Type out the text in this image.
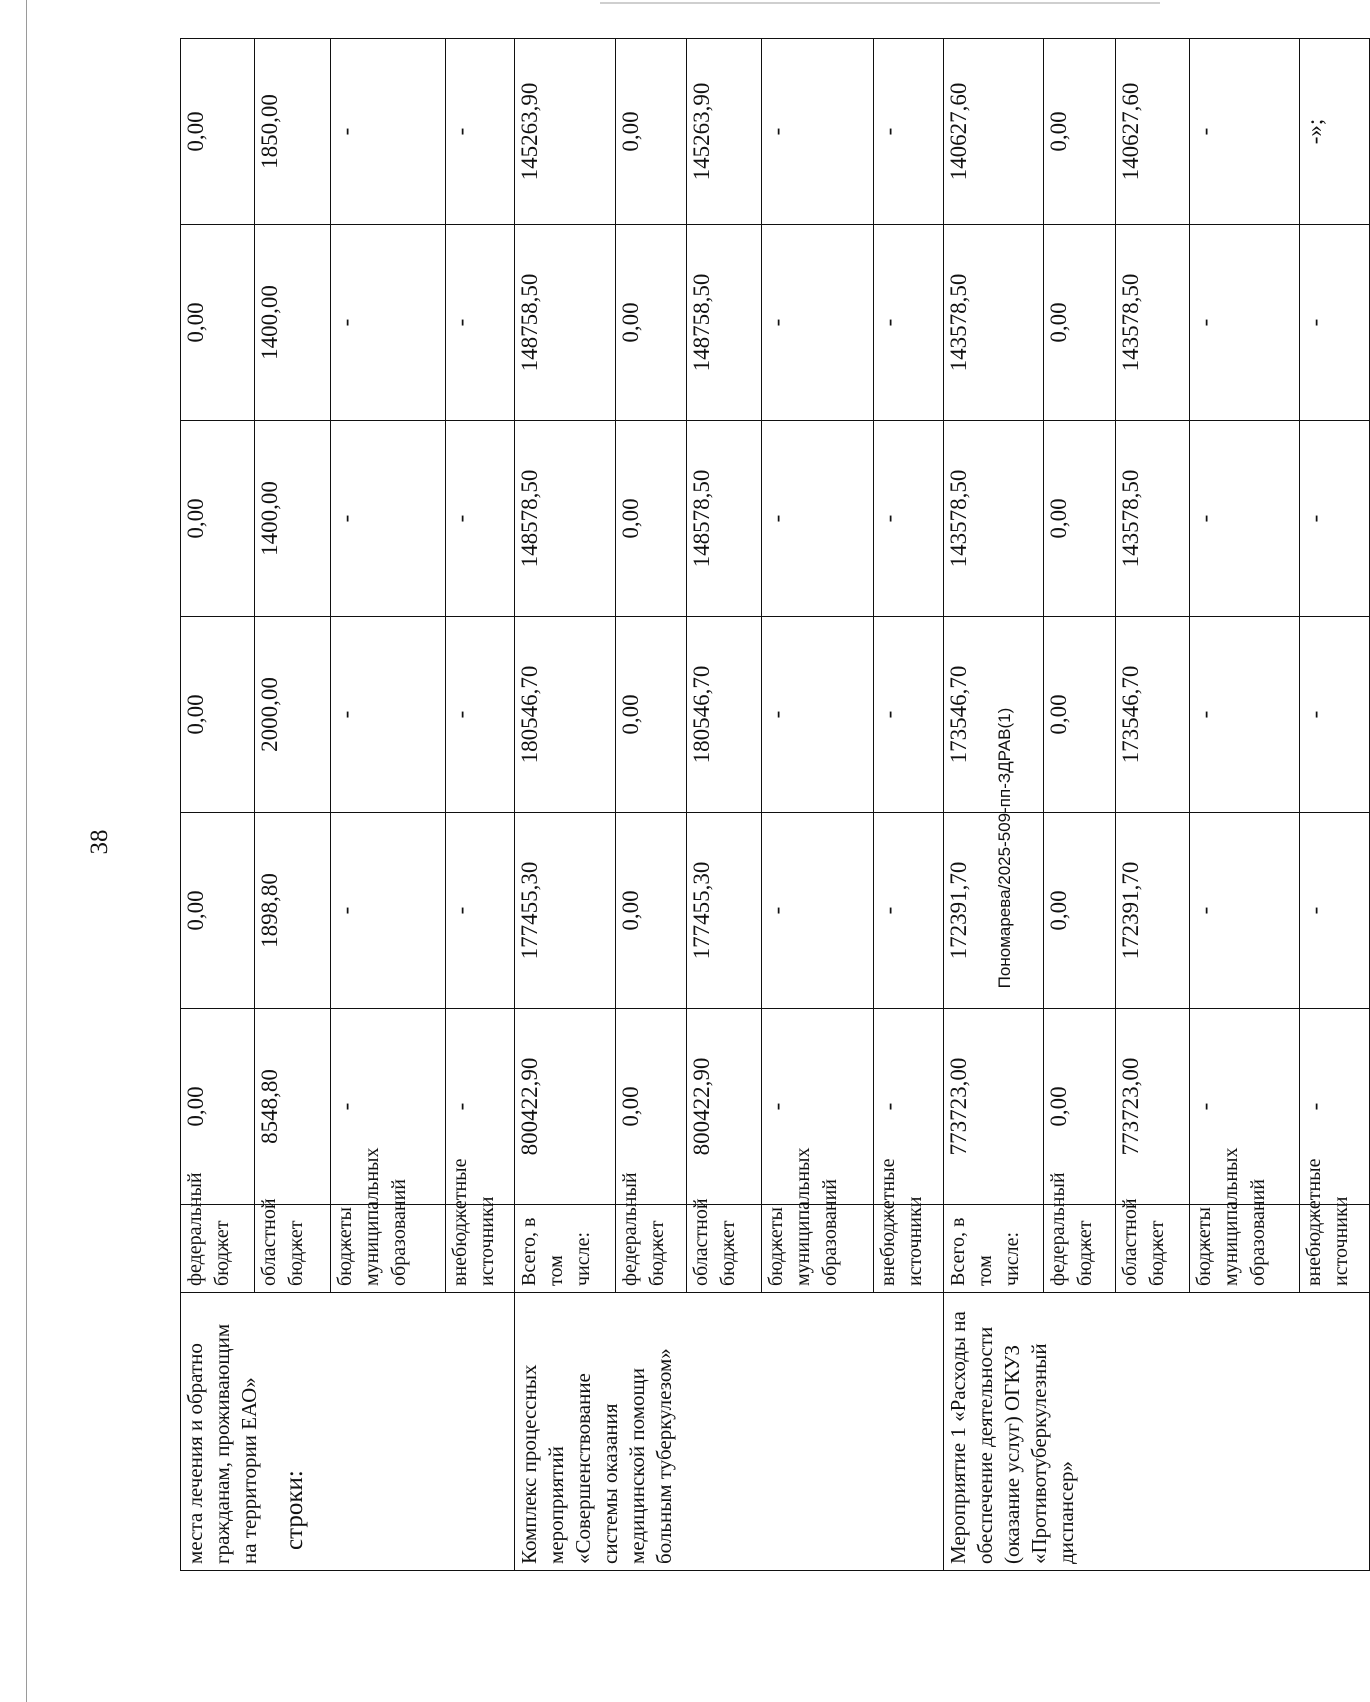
38
места лечения и обратно гражданам, проживающим на территории ЕАО»	федеральный бюджет	0,00	0,00	0,00	0,00	0,00	0,00
	областной бюджет	8548,80	1898,80	2000,00	1400,00	1400,00	1850,00
	бюджеты муниципальных образований	-	-	-	-	-	-
	внебюджетные источники	-	-	-	-	-	-
Комплекс процессных мероприятий «Совершенствование системы оказания медицинской помощи больным туберкулезом»	Всего, в том числе:	800422,90	177455,30	180546,70	148578,50	148758,50	145263,90
	федеральный бюджет	0,00	0,00	0,00	0,00	0,00	0,00
	областной бюджет	800422,90	177455,30	180546,70	148578,50	148758,50	145263,90
	бюджеты муниципальных образований	-	-	-	-	-	-
	внебюджетные источники	-	-	-	-	-	-
Мероприятие 1 «Расходы на обеспечение деятельности (оказание услуг) ОГКУЗ «Противотуберкулезный диспансер»	Всего, в том числе:	773723,00	172391,70	173546,70	143578,50	143578,50	140627,60
	федеральный бюджет	0,00	0,00	0,00	0,00	0,00	0,00
	областной бюджет	773723,00	172391,70	173546,70	143578,50	143578,50	140627,60
	бюджеты муниципальных образований	-	-	-	-	-	-
	внебюджетные источники	-	-	-	-	-	-»;
строки:
Пономарева/2025-509-пп-ЗДРАВ(1)
